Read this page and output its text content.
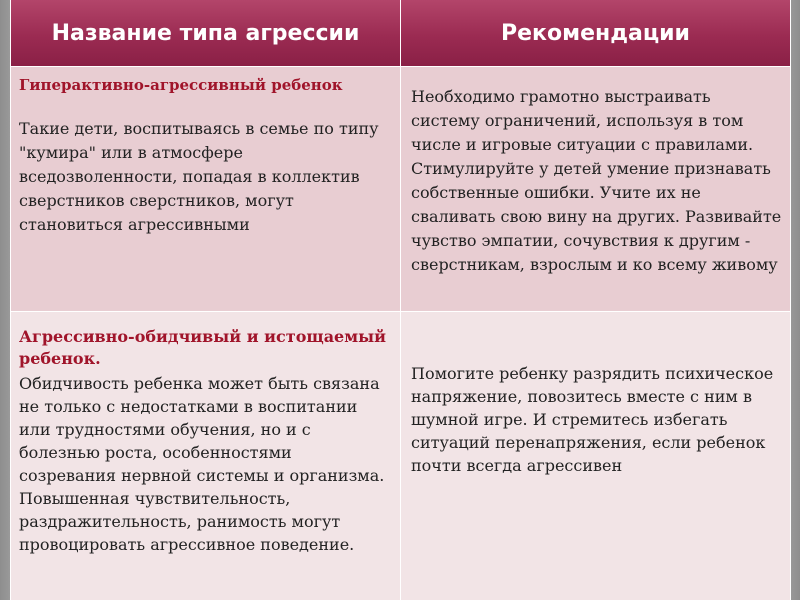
Название типа агрессии	Рекомендации
Гиперактивно-агрессивный ребенок
Такие дети, воспитываясь в семье по типу "кумира" или в атмосфере вседозволенности, попадая в коллектив сверстников сверстников, могут становиться агрессивными
Необходимо грамотно выстраивать систему ограничений, используя в том числе и игровые ситуации с правилами. Стимулируйте у детей умение признавать собственные ошибки. Учите их не сваливать свою вину на других. Развивайте чувство эмпатии, сочувствия к другим - сверстникам, взрослым и ко всему живому
Агрессивно-обидчивый и истощаемый ребенок.
Обидчивость ребенка может быть связана не только с недостатками в воспитании или трудностями обучения, но и с болезнью роста, особенностями созревания нервной системы и организма. Повышенная чувствительность, раздражительность, ранимость могут провоцировать агрессивное поведение.
Помогите ребенку разрядить психическое напряжение, повозитесь вместе с ним в шумной игре. И стремитесь избегать ситуаций перенапряжения, если ребенок почти всегда агрессивен
